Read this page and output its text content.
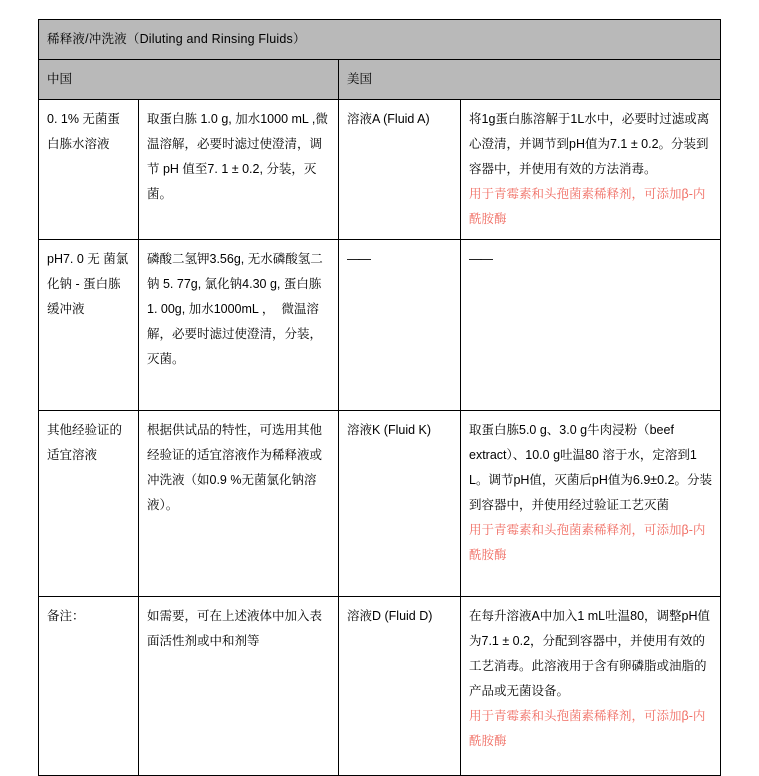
稀释液/冲洗液（Diluting and Rinsing Fluids）			
中国		美国	

0. 1% 无菌蛋白胨水溶液	取蛋白胨 1.0 g, 加水1000 mL ,微温溶解，必要时滤过使澄清，调节 pH 值至7. 1 ± 0.2, 分装，灭菌。	溶液A (Fluid A)	将1g蛋白胨溶解于1L水中，必要时过滤或离心澄清，并调节到pH值为7.1 ± 0.2。分装到容器中，并使用有效的方法消毒。
用于青霉素和头孢菌素稀释剂，可添加β-内酰胺酶

pH7. 0 无 菌氯化钠 - 蛋白胨缓冲液	磷酸二氢钾3.56g, 无水磷酸氢二钠 5. 77g, 氯化钠4.30 g, 蛋白胨1. 00g, 加水1000mL ，  微温溶解，必要时滤过使澄清，分装，灭菌。	——	——

其他经验证的适宜溶液	根据供试品的特性，可选用其他经验证的适宜溶液作为稀释液或冲洗液（如0.9 %无菌氯化钠溶液）。	溶液K (Fluid K)	取蛋白胨5.0 g、3.0 g牛肉浸粉（beef extract）、10.0 g吐温80 溶于水，定溶到1 L。调节pH值，灭菌后pH值为6.9±0.2。分装到容器中，并使用经过验证工艺灭菌
用于青霉素和头孢菌素稀释剂，可添加β-内酰胺酶

备注：	如需要，可在上述液体中加入表面活性剂或中和剂等	溶液D (Fluid D)	在每升溶液A中加入1 mL吐温80，调整pH值为7.1 ± 0.2，分配到容器中，并使用有效的工艺消毒。此溶液用于含有卵磷脂或油脂的产品或无菌设备。
用于青霉素和头孢菌素稀释剂，可添加β-内酰胺酶
